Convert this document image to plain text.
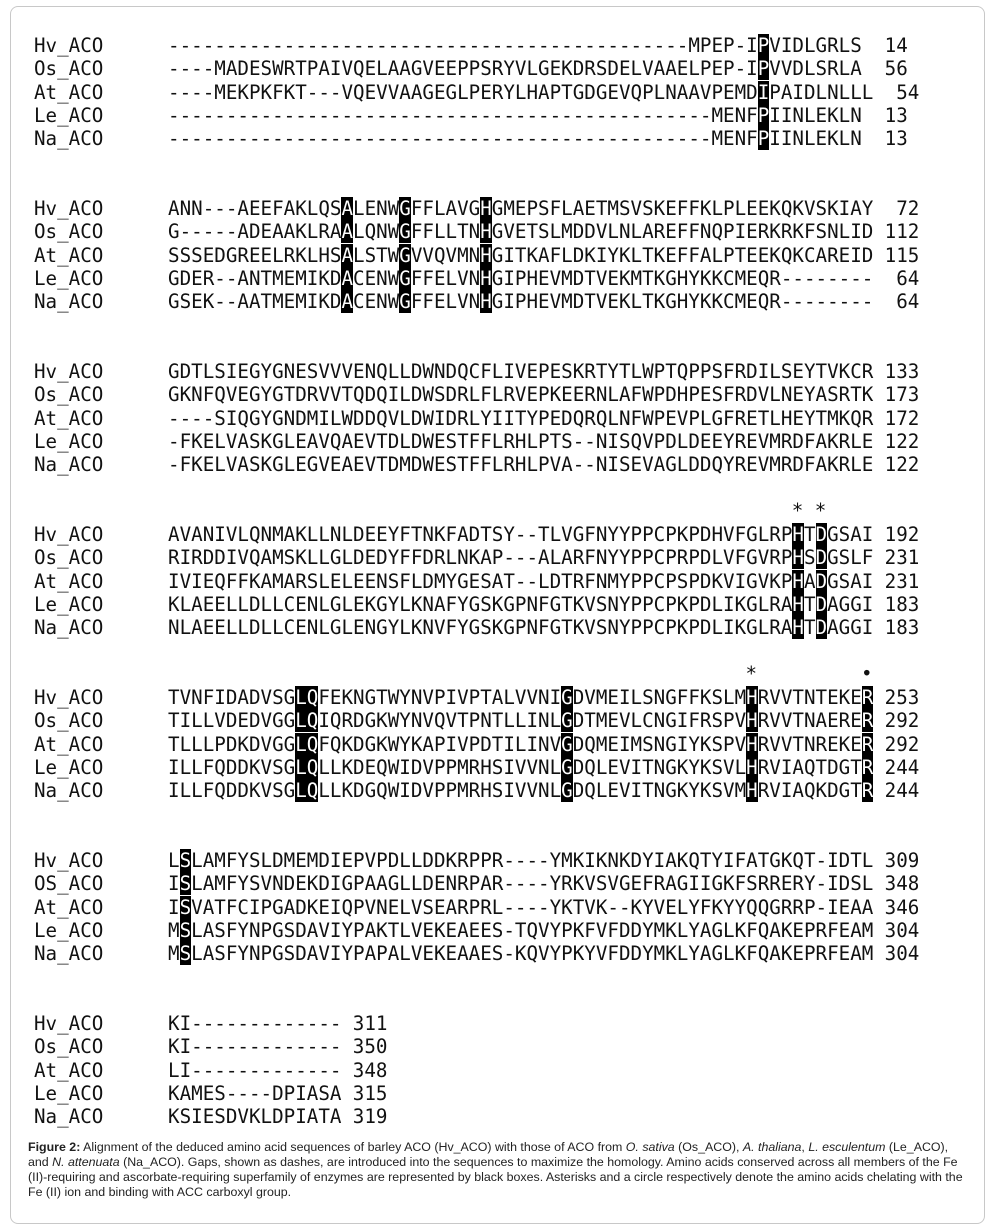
Hv_ACO	---------------------------------------------MPEP-IPVIDLGRLS 14
Os_ACO	----MADESWRTPAIVQELAAGVEEPPSRYVLGEKDRSDELVAAELPEP-IPVVDLSRLA 56
At_ACO	----MEKPKFKT---VQEVVAAGEGLPERYLHAPTGDGEVQPLNAAVPEMDIPAIDLNLLL 54
Le_ACO	-----------------------------------------------MENFPIINLEKLN 13
Na_ACO	-----------------------------------------------MENFPIINLEKLN 13
Hv_ACO	ANN---AEEFAKLQSALENWGFFLAVGHGMEPSFLAETMSVSKEFFKLPLEEKQKVSKIAY 72
Os_ACO	G-----ADEAAKLRAALQNWGFFLLTNHGVETSLMDDVLNLAREFFNQPIERKRKFSNLID 112
At_ACO	SSSEDGREELRKLHSALSTWGVVQVMNHGITKAFLDKIYKLTKEFFALPTEEKQKCAREID 115
Le_ACO	GDER--ANTMEMIKDACENWGFFELVNHGIPHEVMDTVEKMTKGHYKKCMEQR-------- 64
Na_ACO	GSEK--AATMEMIKDACENWGFFELVNHGIPHEVMDTVEKLTKGHYKKCMEQR-------- 64
Hv_ACO	GDTLSIEGYGNESVVVENQLLDWNDQCFLIVEPESKRTYTLWPTQPPSFRDILSEYTVKCR 133
Os_ACO	GKNFQVEGYGTDRVVTQDQILDWSDRLFLRVEPKEERNLAFWPDHPESFRDVLNEYASRTK 173
At_ACO	----SIQGYGNDMILWDDQVLDWIDRLYIITYPEDQRQLNFWPEVPLGFRETLHEYTMKQR 172
Le_ACO	-FKELVASKGLEAVQAEVTDLDWESTFFLRHLPTS--NISQVPDLDEEYREVMRDFAKRLE 122
Na_ACO	-FKELVASKGLEGVEAEVTDMDWESTFFLRHLPVA--NISEVAGLDDQYREVMRDFAKRLE 122
Hv_ACO	AVANIVLQNMAKLLNLDEEYFTNKFADTSY--TLVGFNYYPPCPKPDHVFGLRPHTDGSAI 192
Os_ACO	RIRDDIVQAMSKLLGLDEDYFFDRLNKAP---ALARFNYYPPCPRPDLVFGVRPHSDGSLF 231
At_ACO	IVIEQFFKAMARSLELEENSFLDMYGESAT--LDTRFNMYPPCPSPDKVIGVKPHADGSAI 231
Le_ACO	KLAEELLDLLCENLGLEKGYLKNAFYGSKGPNFGTKVSNYPPCPKPDLIKGLRAHTDAGGI 183
Na_ACO	NLAEELLDLLCENLGLENGYLKNVFYGSKGPNFGTKVSNYPPCPKPDLIKGLRAHTDAGGI 183
* *
Hv_ACO	TVNFIDADVSGLQFEKNGTWYNVPIVPTALVVNIGDVMEILSNGFFKSLMHRVVTNTEKER 253
Os_ACO	TILLVDEDVGGLQIQRDGKWYNVQVTPNTLLINLGDTMEVLCNGIFRSPVHRVVTNAERER 292
At_ACO	TLLLPDKDVGGLQFQKDGKWYKAPIVPDTILINVGDQMEIMSNGIYKSPVHRVVTNREKER 292
Le_ACO	ILLFQDDKVSGLQLLKDEQWIDVPPMRHSIVVNLGDQLEVITNGKYKSVLHRVIAQTDGTR 244
Na_ACO	ILLFQDDKVSGLQLLKDGQWIDVPPMRHSIVVNLGDQLEVITNGKYKSVMHRVIAQKDGTR 244
*	•
Hv_ACO	LSLAMFYSLDMEMDIEPVPDLLDDKRPPR----YMKIKNKDYIAKQTYIFATGKQT-IDTL 309
OS_ACO	ISLAMFYSVNDEKDIGPAAGLLDENRPAR----YRKVSVGEFRAGIIGKFSRRERY-IDSL 348
At_ACO	ISVATFCIPGADKEIQPVNELVSEARPRL----YKTVK--KYVELYFKYYQQGRRP-IEAA 346
Le_ACO	MSLASFYNPGSDAVIYPAKTLVEKEAEES-TQVYPKFVFDDYMKLYAGLKFQAKEPRFEAM 304
Na_ACO	MSLASFYNPGSDAVIYPAPALVEKEAAES-KQVYPKYVFDDYMKLYAGLKFQAKEPRFEAM 304
Hv_ACO	KI------------- 311
Os_ACO	KI------------- 350
At_ACO	LI------------- 348
Le_ACO	KAMES----DPIASA 315
Na_ACO	KSIESDVKLDPIATA 319
Figure 2: Alignment of the deduced amino acid sequences of barley ACO (Hv_ACO) with those of ACO from O. sativa (Os_ACO), A. thaliana, L. esculentum (Le_ACO), and N. attenuata (Na_ACO). Gaps, shown as dashes, are introduced into the sequences to maximize the homology. Amino acids conserved across all members of the Fe (II)-requiring and ascorbate-requiring superfamily of enzymes are represented by black boxes. Asterisks and a circle respectively denote the amino acids chelating with the Fe (II) ion and binding with ACC carboxyl group.
